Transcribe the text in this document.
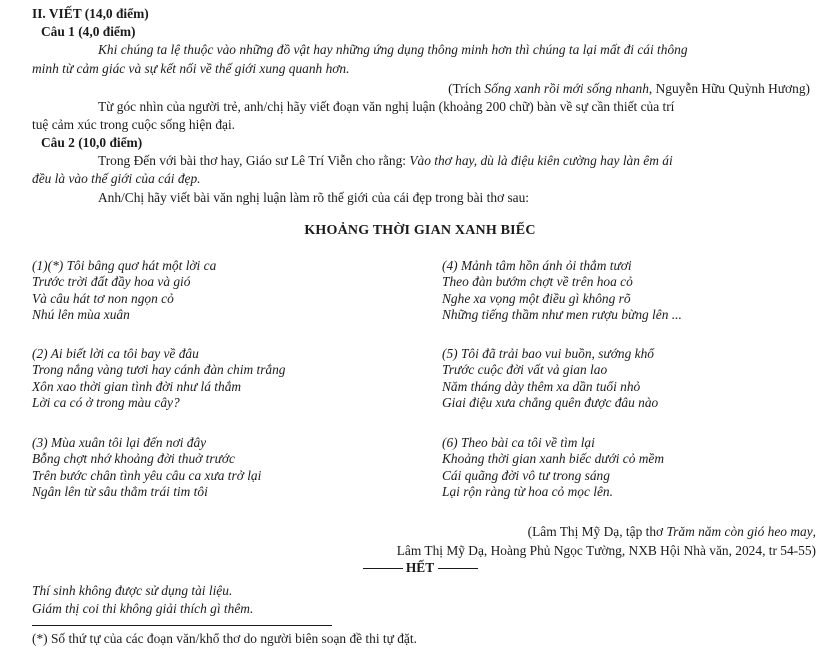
II. VIẾT (14,0 điểm)
Câu 1 (4,0 điểm)
Khi chúng ta lệ thuộc vào những đồ vật hay những ứng dụng thông minh hơn thì chúng ta lại mất đi cái thông
minh từ cảm giác và sự kết nối về thế giới xung quanh hơn.
(Trích Sống xanh rồi mới sống nhanh, Nguyễn Hữu Quỳnh Hương)
Từ góc nhìn của người trẻ, anh/chị hãy viết đoạn văn nghị luận (khoảng 200 chữ) bàn về sự cần thiết của trí
tuệ cảm xúc trong cuộc sống hiện đại.
Câu 2 (10,0 điểm)
Trong Đến với bài thơ hay, Giáo sư Lê Trí Viễn cho rằng: Vào thơ hay, dù là điệu kiên cường hay làn êm ái
đều là vào thế giới của cái đẹp.
Anh/Chị hãy viết bài văn nghị luận làm rõ thế giới của cái đẹp trong bài thơ sau:
KHOẢNG THỜI GIAN XANH BIẾC
(1)(*) Tôi bâng quơ hát một lời ca
Trước trời đất đầy hoa và gió
Và câu hát tơ non ngọn cỏ
Nhú lên mùa xuân
(2) Ai biết lời ca tôi bay về đâu
Trong nắng vàng tươi hay cánh đàn chim trắng
Xôn xao thời gian tình đời như lá thắm
Lời ca có ở trong màu cây?
(3) Mùa xuân tôi lại đến nơi đây
Bỗng chợt nhớ khoảng đời thuở trước
Trên bước chân tình yêu câu ca xưa trở lại
Ngân lên từ sâu thẳm trái tim tôi
(4) Mảnh tâm hồn ánh ỏi thắm tươi
Theo đàn bướm chợt về trên hoa cỏ
Nghe xa vọng một điều gì không rõ
Những tiếng thầm như men rượu bừng lên ...
(5) Tôi đã trải bao vui buồn, sướng khổ
Trước cuộc đời vất vả gian lao
Năm tháng dày thêm xa dần tuổi nhỏ
Giai điệu xưa chẳng quên được đâu nào
(6) Theo bài ca tôi về tìm lại
Khoảng thời gian xanh biếc dưới cỏ mềm
Cái quãng đời vô tư trong sáng
Lại rộn ràng từ hoa cỏ mọc lên.
(Lâm Thị Mỹ Dạ, tập thơ Trăm năm còn gió heo may,
Lâm Thị Mỹ Dạ, Hoàng Phủ Ngọc Tường, NXB Hội Nhà văn, 2024, tr 54-55)
HẾT
Thí sinh không được sử dụng tài liệu.
Giám thị coi thi không giải thích gì thêm.
(*) Số thứ tự của các đoạn văn/khổ thơ do người biên soạn đề thi tự đặt.
